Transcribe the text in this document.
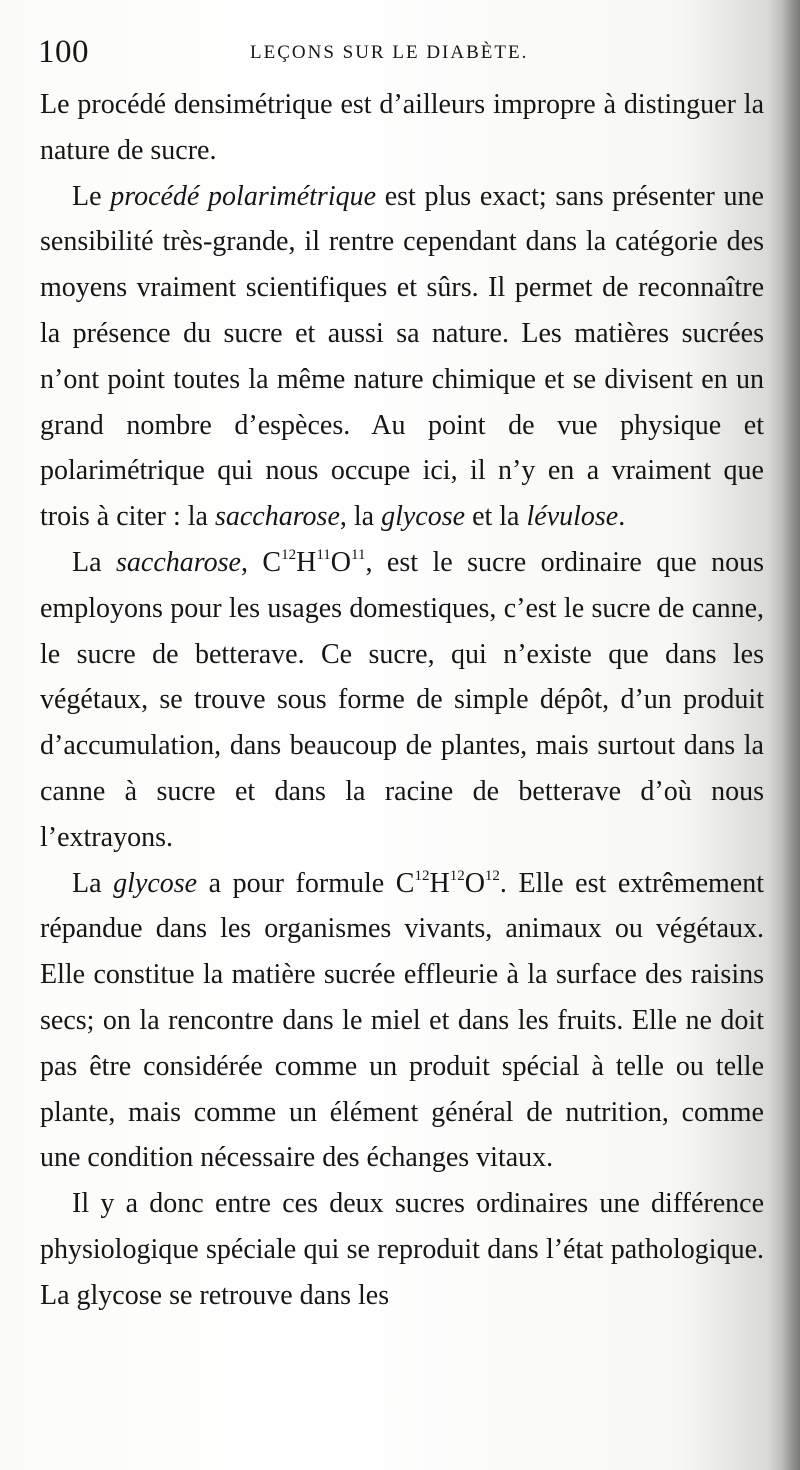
100	LEÇONS SUR LE DIABÈTE.

Le procédé densimétrique est d’ailleurs impropre à distinguer la nature de sucre.

Le procédé polarimétrique est plus exact; sans présenter une sensibilité très-grande, il rentre cependant dans la catégorie des moyens vraiment scientifiques et sûrs. Il permet de reconnaître la présence du sucre et aussi sa nature. Les matières sucrées n’ont point toutes la même nature chimique et se divisent en un grand nombre d’espèces. Au point de vue physique et polarimétrique qui nous occupe ici, il n’y en a vraiment que trois à citer : la saccharose, la glycose et la lévulose.

La saccharose, $C^{12}H^{11}O^{11}$, est le sucre ordinaire que nous employons pour les usages domestiques, c’est le sucre de canne, le sucre de betterave. Ce sucre, qui n’existe que dans les végétaux, se trouve sous forme de simple dépôt, d’un produit d’accumulation, dans beaucoup de plantes, mais surtout dans la canne à sucre et dans la racine de betterave d’où nous l’extrayons.

La glycose a pour formule $C^{12}H^{12}O^{12}$. Elle est extrêmement répandue dans les organismes vivants, animaux ou végétaux. Elle constitue la matière sucrée effleurie à la surface des raisins secs; on la rencontre dans le miel et dans les fruits. Elle ne doit pas être considérée comme un produit spécial à telle ou telle plante, mais comme un élément général de nutrition, comme une condition nécessaire des échanges vitaux.

Il y a donc entre ces deux sucres ordinaires une différence physiologique spéciale qui se reproduit dans l’état pathologique. La glycose se retrouve dans les
